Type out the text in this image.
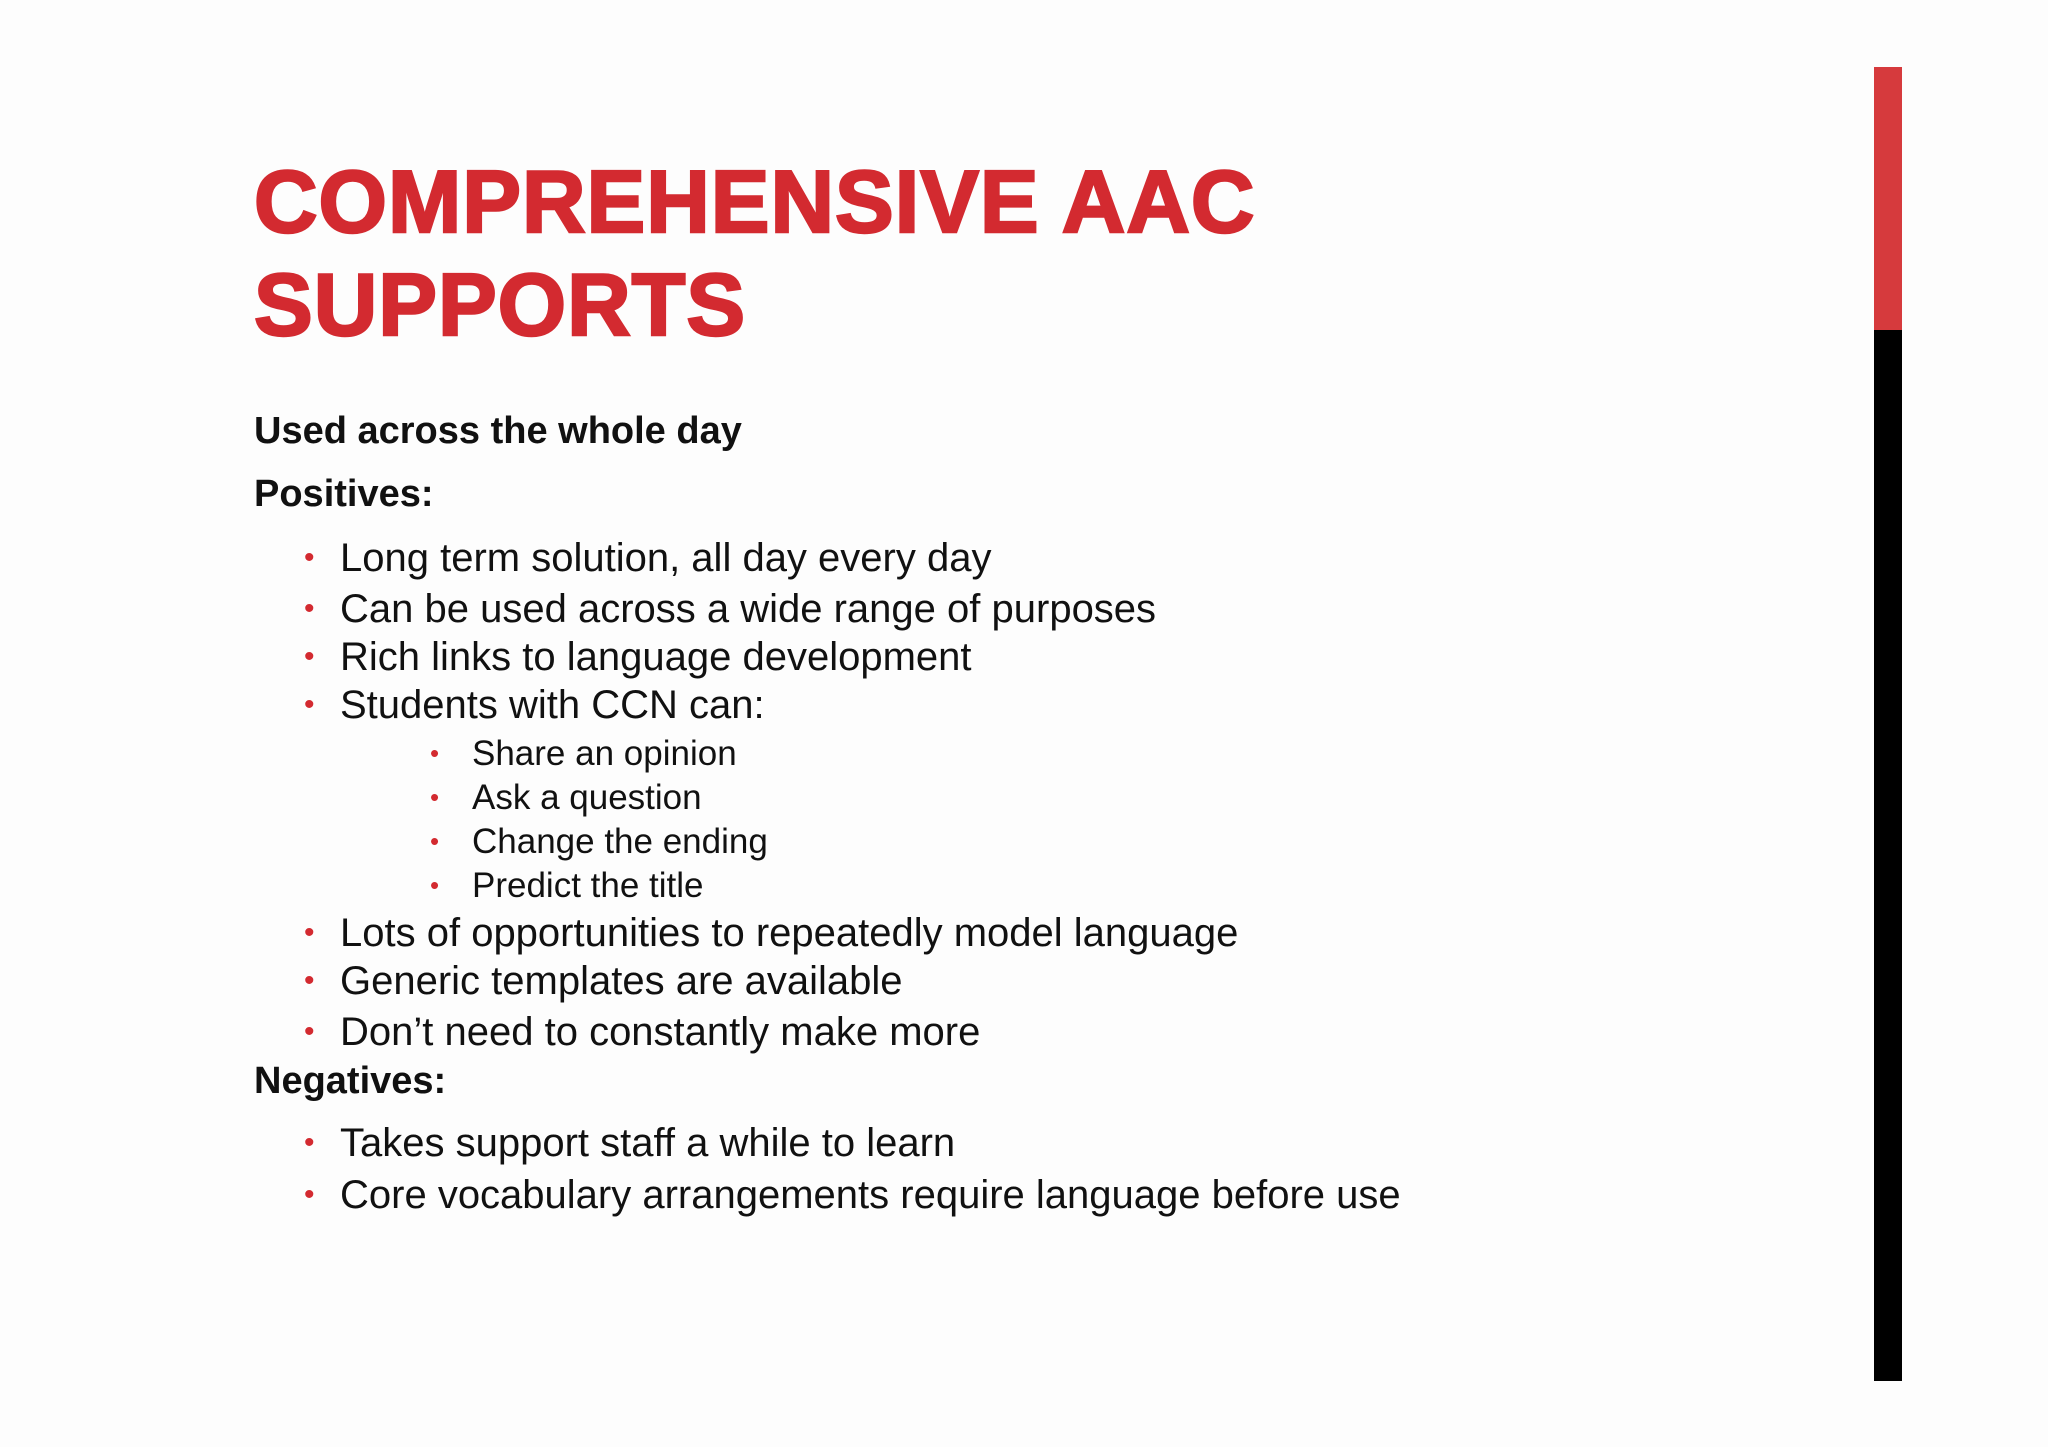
COMPREHENSIVE AAC SUPPORTS
Used across the whole day
Positives:
• Long term solution, all day every day
• Can be used across a wide range of purposes
• Rich links to language development
• Students with CCN can:
• Share an opinion
• Ask a question
• Change the ending
• Predict the title
• Lots of opportunities to repeatedly model language
• Generic templates are available
• Don’t need to constantly make more
Negatives:
• Takes support staff a while to learn
• Core vocabulary arrangements require language before use
